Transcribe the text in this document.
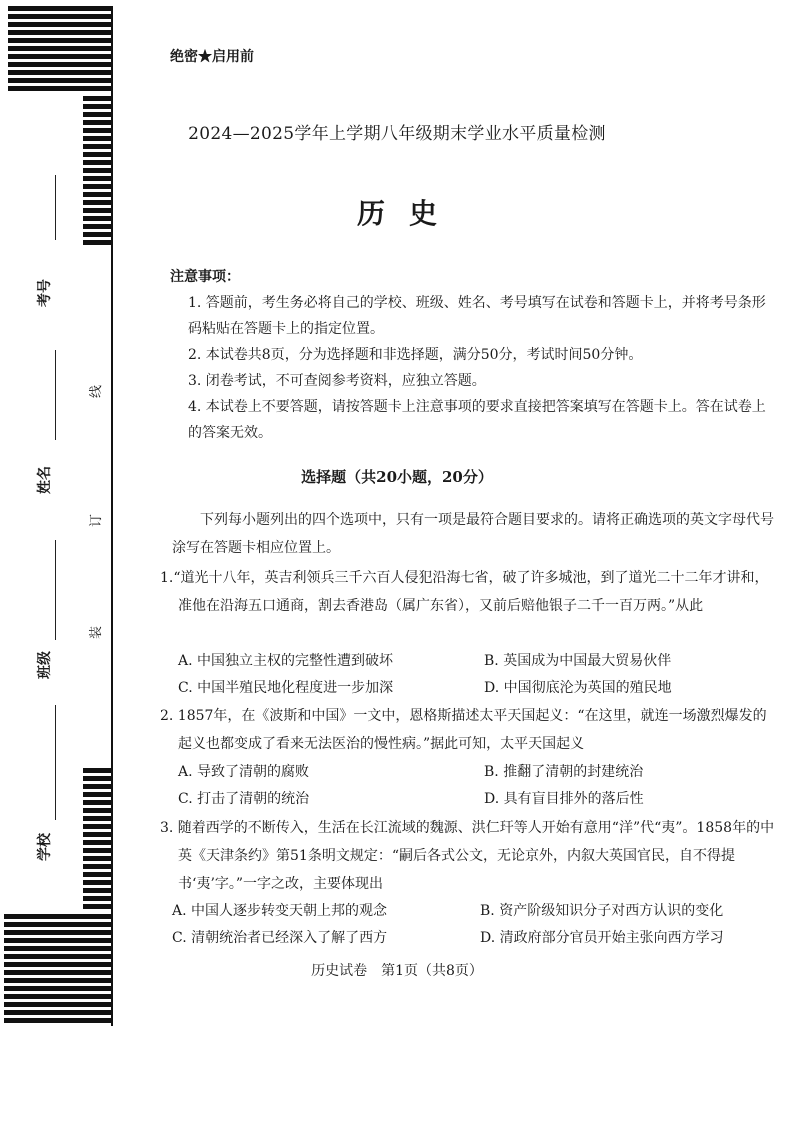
考号
姓名
班级
学校
线
订
装
绝密★启用前
2024—2025学年上学期八年级期末学业水平质量检测
历史
注意事项：
1. 答题前，考生务必将自己的学校、班级、姓名、考号填写在试卷和答题卡上，并将考号条形码粘贴在答题卡上的指定位置。
2. 本试卷共8页，分为选择题和非选择题，满分50分，考试时间50分钟。
3. 闭卷考试，不可查阅参考资料，应独立答题。
4. 本试卷上不要答题，请按答题卡上注意事项的要求直接把答案填写在答题卡上。答在试卷上的答案无效。
选择题（共20小题，20分）
下列每小题列出的四个选项中，只有一项是最符合题目要求的。请将正确选项的英文字母代号涂写在答题卡相应位置上。
1.“道光十八年，英吉利领兵三千六百人侵犯沿海七省，破了许多城池，到了道光二十二年才讲和，准他在沿海五口通商，割去香港岛（属广东省），又前后赔他银子二千一百万两。”从此
A. 中国独立主权的完整性遭到破坏	B. 英国成为中国最大贸易伙伴
C. 中国半殖民地化程度进一步加深	D. 中国彻底沦为英国的殖民地
2. 1857年，在《波斯和中国》一文中，恩格斯描述太平天国起义：“在这里，就连一场激烈爆发的起义也都变成了看来无法医治的慢性病。”据此可知，太平天国起义
A. 导致了清朝的腐败	B. 推翻了清朝的封建统治
C. 打击了清朝的统治	D. 具有盲目排外的落后性
3. 随着西学的不断传入，生活在长江流域的魏源、洪仁玕等人开始有意用“洋”代“夷”。1858年的中英《天津条约》第51条明文规定：“嗣后各式公文，无论京外，内叙大英国官民，自不得提书‘夷’字。”一字之改，主要体现出
A. 中国人逐步转变天朝上邦的观念	B. 资产阶级知识分子对西方认识的变化
C. 清朝统治者已经深入了解了西方	D. 清政府部分官员开始主张向西方学习
历史试卷　第1页（共8页）
